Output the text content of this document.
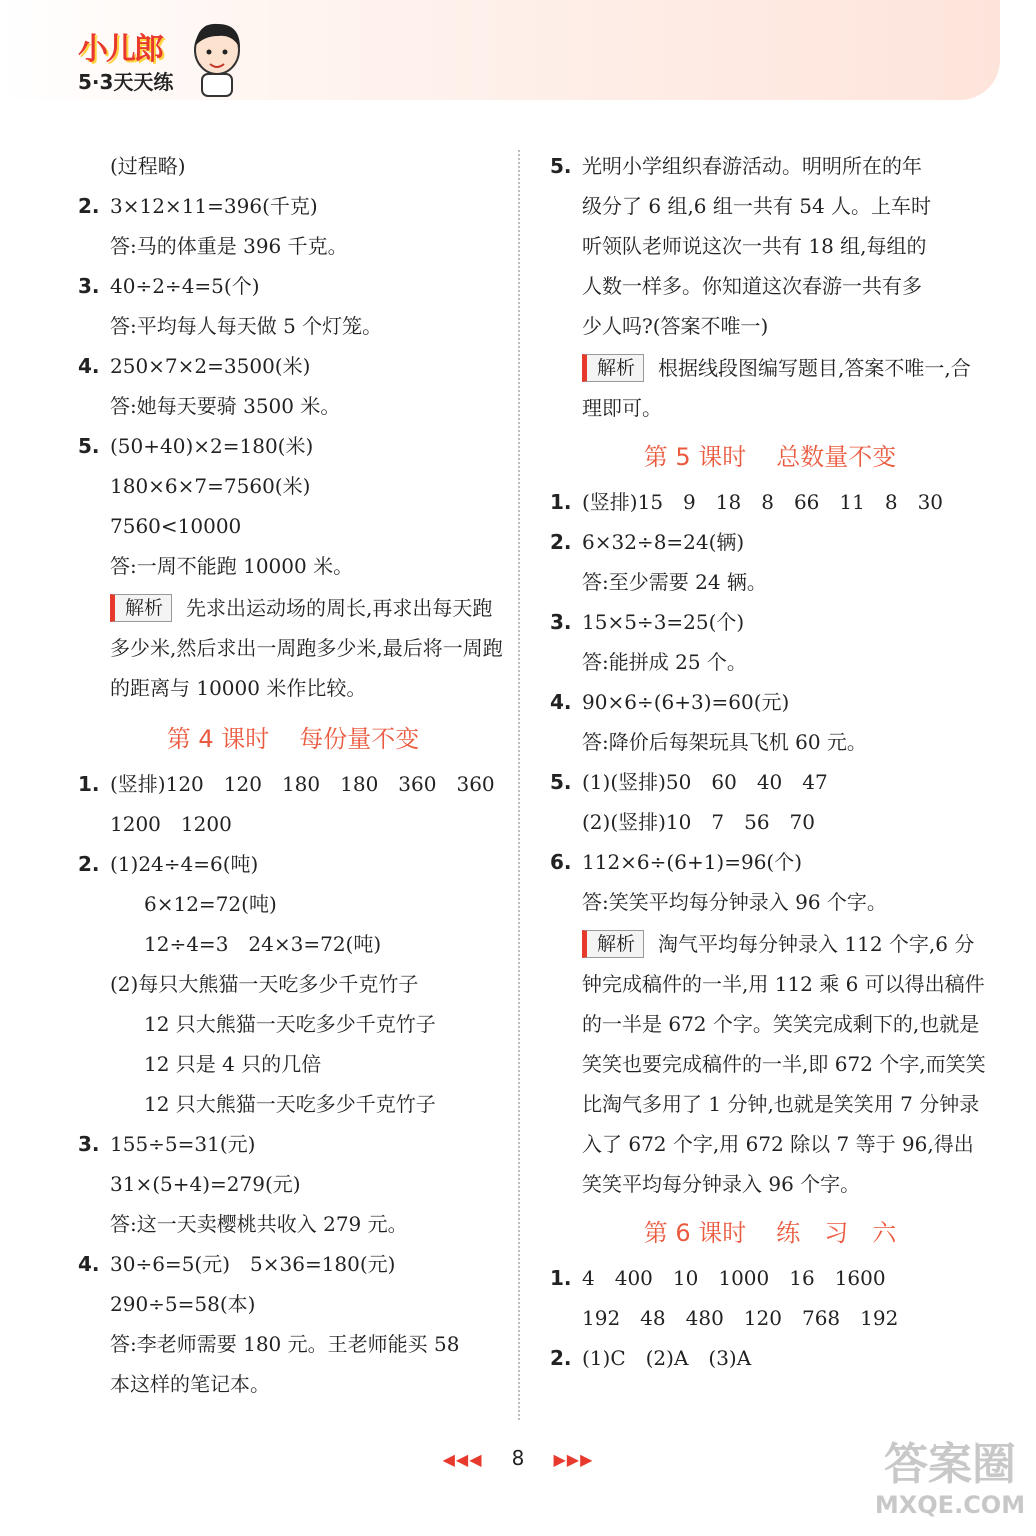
小儿郎
5·3天天练
(过程略)
2. 3×12×11=396(千克)
答:马的体重是 396 千克。
3. 40÷2÷4=5(个)
答:平均每人每天做 5 个灯笼。
4. 250×7×2=3500(米)
答:她每天要骑 3500 米。
5. (50+40)×2=180(米)
180×6×7=7560(米)
7560<10000
答:一周不能跑 10000 米。
解析 先求出运动场的周长,再求出每天跑多少米,然后求出一周跑多少米,最后将一周跑的距离与 10000 米作比较。
第 4 课时 每份量不变
1. (竖排)120　120　180　180　360　360
1200　1200
2. (1)24÷4=6(吨)
6×12=72(吨)
12÷4=3　24×3=72(吨)
(2)每只大熊猫一天吃多少千克竹子
12 只大熊猫一天吃多少千克竹子
12 只是 4 只的几倍
12 只大熊猫一天吃多少千克竹子
3. 155÷5=31(元)
31×(5+4)=279(元)
答:这一天卖樱桃共收入 279 元。
4. 30÷6=5(元)　5×36=180(元)
290÷5=58(本)
答:李老师需要 180 元。王老师能买 58
本这样的笔记本。
5. 光明小学组织春游活动。明明所在的年
级分了 6 组,6 组一共有 54 人。上车时
听领队老师说这次一共有 18 组,每组的
人数一样多。你知道这次春游一共有多
少人吗?(答案不唯一)
解析 根据线段图编写题目,答案不唯一,合理即可。
第 5 课时 总数量不变
1. (竖排)15　9　18　8　66　11　8　30
2. 6×32÷8=24(辆)
答:至少需要 24 辆。
3. 15×5÷3=25(个)
答:能拼成 25 个。
4. 90×6÷(6+3)=60(元)
答:降价后每架玩具飞机 60 元。
5. (1)(竖排)50　60　40　47
(2)(竖排)10　7　56　70
6. 112×6÷(6+1)=96(个)
答:笑笑平均每分钟录入 96 个字。
解析 淘气平均每分钟录入 112 个字,6 分钟完成稿件的一半,用 112 乘 6 可以得出稿件的一半是 672 个字。笑笑完成剩下的,也就是笑笑也要完成稿件的一半,即 672 个字,而笑笑比淘气多用了 1 分钟,也就是笑笑用 7 分钟录入了 672 个字,用 672 除以 7 等于 96,得出笑笑平均每分钟录入 96 个字。
第 6 课时 练　习　六
1. 4　400　10　1000　16　1600
192　48　480　120　768　192
2. (1)C　(2)A　(3)A
◀◀◀ 8 ▶▶▶	答案圈
MXQE.COM
